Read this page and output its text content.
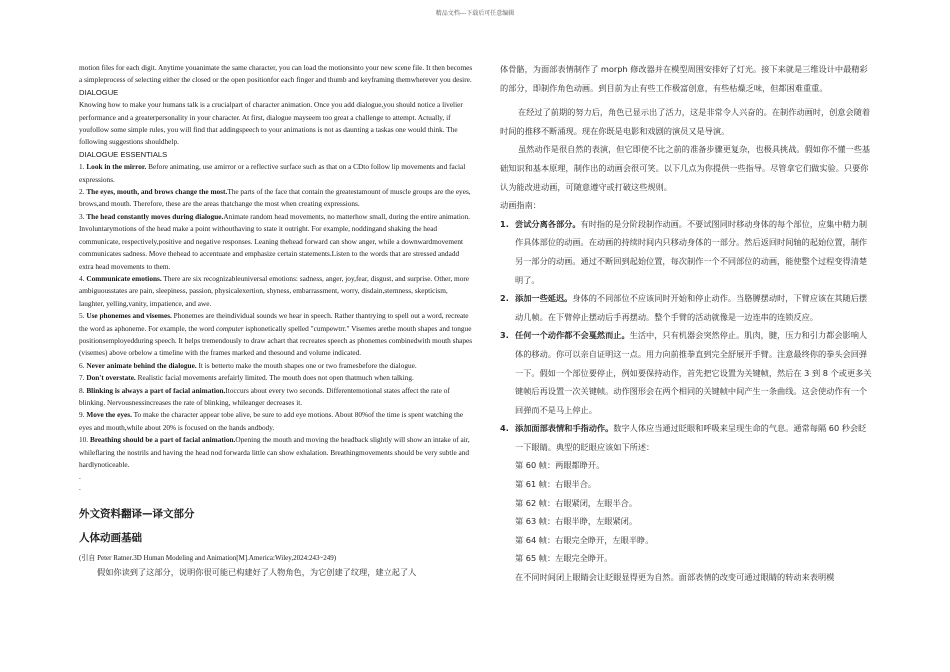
精品文档---下载后可任意编辑

motion files for each digit. Anytime youanimate the same character, you can load the motionsinto your new scene file. It then becomes a simpleprocess of selecting either the closed or the open positionfor each finger and thumb and keyframing themwherever you desire.

DIALOGUE

Knowing how to make your humans talk is a crucialpart of character animation. Once you add dialogue,you should notice a livelier performance and a greaterpersonality in your character. At first, dialogue mayseem too great a challenge to attempt. Actually, if youfollow some simple rules, you will find that addingspeech to your animations is not as daunting a taskas one would think. The following suggestions shouldhelp.

DIALOGUE ESSENTIALS

1. Look in the mirror. Before animating, use amirror or a reflective surface such as that on a CDto follow lip movements and facial expressions.

2. The eyes, mouth, and brows change the most.The parts of the face that contain the greatestamount of muscle groups are the eyes, brows,and mouth. Therefore, these are the areas thatchange the most when creating expressions.

3. The head constantly moves during dialogue.Animate random head movements, no matterhow small, during the entire animation. Involuntarymotions of the head make a point withouthaving to state it outright. For example, noddingand shaking the head communicate, respectively,positive and negative responses. Leaning thehead forward can show anger, while a downwardmovement communicates sadness. Move thehead to accentuate and emphasize certain statements.Listen to the words that are stressed andadd extra head movements to them.

4. Communicate emotions. There are six recognizableuniversal emotions: sadness, anger, joy,fear, disgust, and surprise. Other, more ambiguousstates are pain, sleepiness, passion, physicalexertion, shyness, embarrassment, worry, disdain,sternness, skepticism, laughter, yelling,vanity, impatience, and awe.

5. Use phonemes and visemes. Phonemes are theindividual sounds we hear in speech. Rather thantrying to spell out a word, recreate the word as aphoneme. For example, the word computer isphonetically spelled "cumpewtrr." Visemes arethe mouth shapes and tongue positionsemployedduring speech. It helps tremendously to draw achart that recreates speech as phonemes combinedwith mouth shapes (visemes) above orbelow a timeline with the frames marked and thesound and volume indicated.

6. Never animate behind the dialogue. It is betterto make the mouth shapes one or two framesbefore the dialogue.

7. Don't overstate. Realistic facial movements arefairly limited. The mouth does not open thatmuch when talking.

8. Blinking is always a part of facial animation.Itoccurs about every two seconds. Differentemotional states affect the rate of blinking. Nervousnessincreases the rate of blinking, whileanger decreases it.

9. Move the eyes. To make the character appear tobe alive, be sure to add eye motions. About 80%of the time is spent watching the eyes and mouth,while about 20% is focused on the hands andbody.

10. Breathing should be a part of facial animation.Opening the mouth and moving the headback slightly will show an intake of air, whileflaring the nostrils and having the head nod forwarda little can show exhalation. Breathingmovements should be very subtle and hardlynoticeable.

.

.

外文资料翻译—译文部分

人体动画基础

(引自 Peter Ratner.3D Human Modeling and Animation[M].America:Wiley,2024:243~249)

假如你读到了这部分，说明你很可能已构建好了人物角色，为它创建了纹理，建立起了人

体骨骼，为面部表情制作了 morph 修改器并在模型周围安排好了灯光。接下来就是三维设计中最精彩的部分，即制作角色动画。到目前为止有些工作极富创意，有些枯燥乏味，但都困难重重。

在经过了前期的努力后，角色已显示出了活力，这是非常令人兴奋的。在制作动画时，创意会随着时间的推移不断涌现。现在你既是电影和戏剧的演员又是导演。

虽然动作是很自然的表演，但它即使不比之前的准备步骤更复杂，也极具挑战。假如你不懂一些基础知识和基本原理，制作出的动画会很可笑。以下几点为你提供一些指导。尽管拿它们做实验。只要你认为能改进动画，可随意遵守或打破这些规则。

动画指南：

1. 尝试分离各部分。有时指的是分阶段制作动画。不要试图同时移动身体的每个部位，应集中精力制作具体部位的动画。在动画的持续时间内只移动身体的一部分。然后返回时间轴的起始位置，制作另一部分的动画。通过不断回到起始位置，每次制作一个不同部位的动画，能使整个过程变得清楚明了。

2. 添加一些延迟。身体的不同部位不应该同时开始和停止动作。当胳膊摆动时，下臂应该在其随后摆动几帧。在下臂停止摆动后手再摆动。整个手臂的活动就像是一边连串的连锁反应。

3. 任何一个动作都不会戛然而止。生活中，只有机器会突然停止。肌肉，腱，压力和引力都会影响人体的移动。你可以亲自证明这一点。用力向前推拳直到完全舒展开手臂。注意最终你的拳头会回弹一下。假如一个部位要停止，例如要保持动作，首先把它设置为关键帧，然后在 3 到 8 个或更多关键帧后再设置一次关键帧。动作图形会在两个相同的关键帧中间产生一条曲线。这会使动作有一个回弹而不是马上停止。

4. 添加面部表情和手指动作。数字人体应当通过眨眼和呼吸来呈现生命的气息。通常每隔 60 秒会眨一下眼睛。典型的眨眼应该如下所述：

第 60 帧：两眼都睁开。

第 61 帧：右眼半合。

第 62 帧：右眼紧闭，左眼半合。

第 63 帧：右眼半睁，左眼紧闭。

第 64 帧：右眼完全睁开，左眼半睁。

第 65 帧：左眼完全睁开。

在不同时间闭上眼睛会让眨眼显得更为自然。面部表情的改变可通过眼睛的转动来表明模
